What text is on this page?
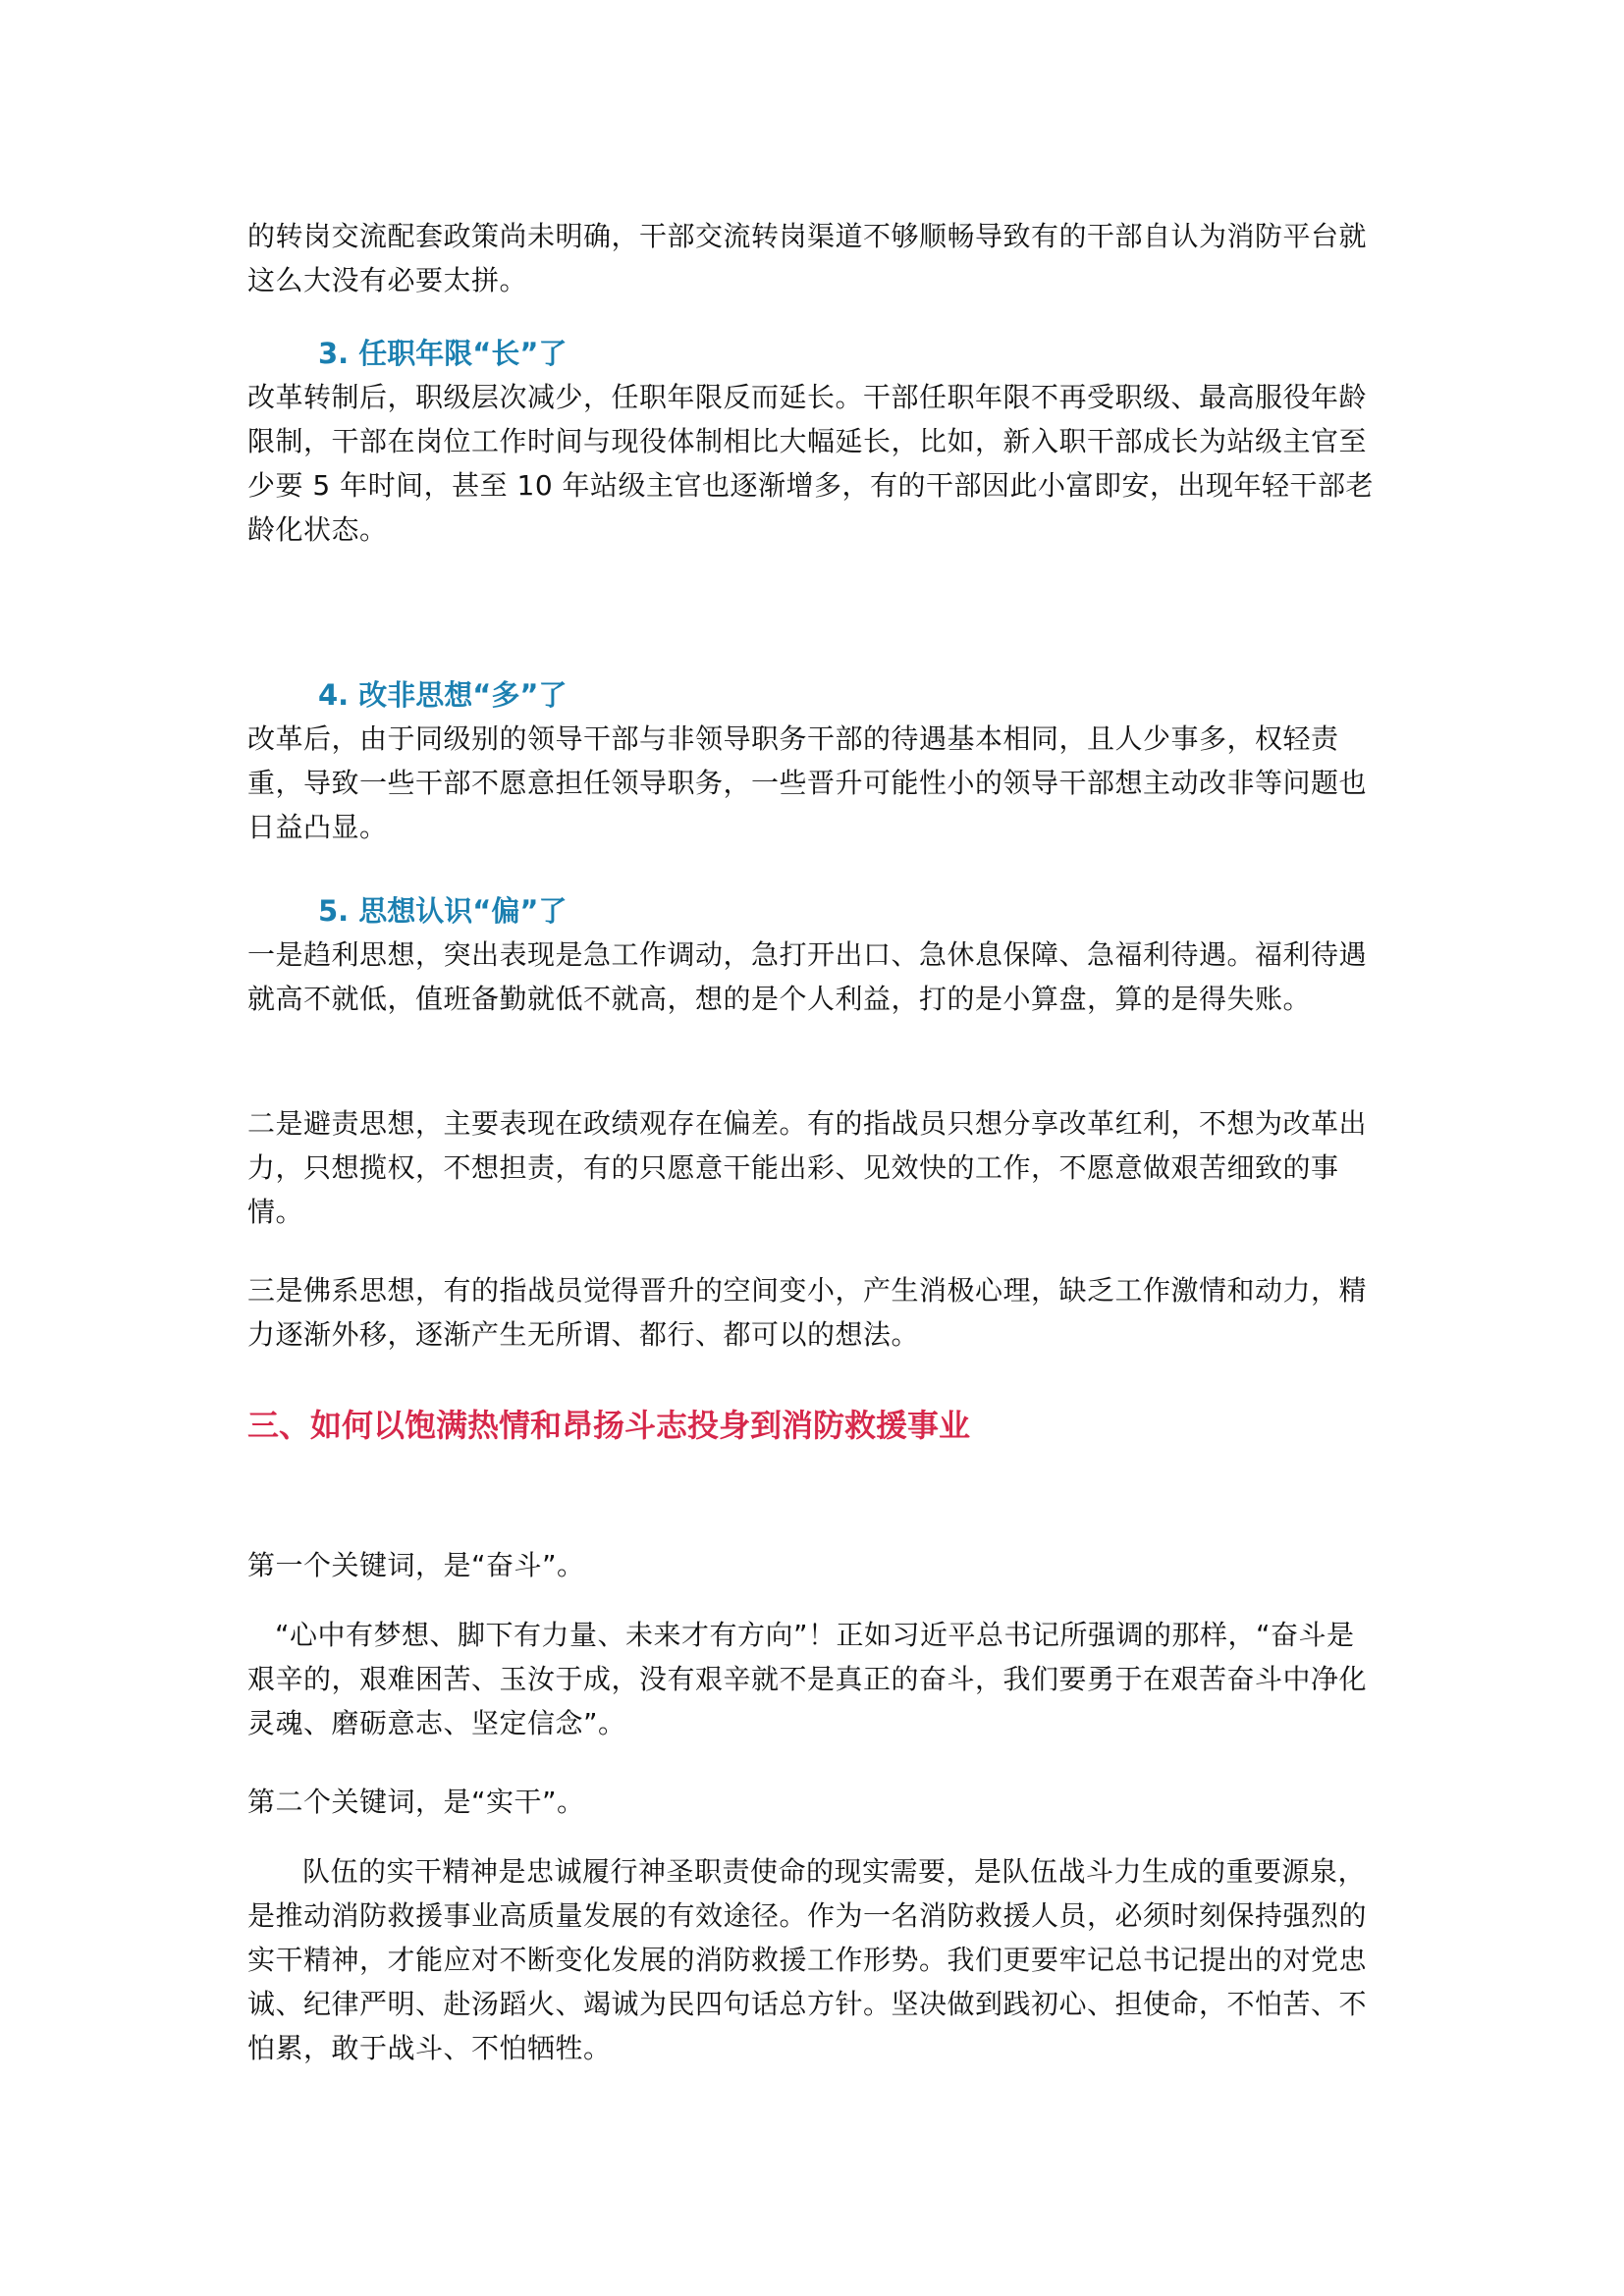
的转岗交流配套政策尚未明确，干部交流转岗渠道不够顺畅导致有的干部自认为消防平台就这么大没有必要太拼。

3. 任职年限“长”了

改革转制后，职级层次减少，任职年限反而延长。干部任职年限不再受职级、最高服役年龄限制，干部在岗位工作时间与现役体制相比大幅延长，比如，新入职干部成长为站级主官至少要 5 年时间，甚至 10 年站级主官也逐渐增多，有的干部因此小富即安，出现年轻干部老龄化状态。

4. 改非思想“多”了

改革后，由于同级别的领导干部与非领导职务干部的待遇基本相同，且人少事多，权轻责重，导致一些干部不愿意担任领导职务，一些晋升可能性小的领导干部想主动改非等问题也日益凸显。

5. 思想认识“偏”了

一是趋利思想，突出表现是急工作调动，急打开出口、急休息保障、急福利待遇。福利待遇就高不就低，值班备勤就低不就高，想的是个人利益，打的是小算盘，算的是得失账。

二是避责思想，主要表现在政绩观存在偏差。有的指战员只想分享改革红利，不想为改革出力，只想揽权，不想担责，有的只愿意干能出彩、见效快的工作，不愿意做艰苦细致的事情。

三是佛系思想，有的指战员觉得晋升的空间变小，产生消极心理，缺乏工作激情和动力，精力逐渐外移，逐渐产生无所谓、都行、都可以的想法。

三、如何以饱满热情和昂扬斗志投身到消防救援事业

第一个关键词，是“奋斗”。

“心中有梦想、脚下有力量、未来才有方向”！正如习近平总书记所强调的那样，“奋斗是艰辛的，艰难困苦、玉汝于成，没有艰辛就不是真正的奋斗，我们要勇于在艰苦奋斗中净化灵魂、磨砺意志、坚定信念”。

第二个关键词，是“实干”。

队伍的实干精神是忠诚履行神圣职责使命的现实需要，是队伍战斗力生成的重要源泉，是推动消防救援事业高质量发展的有效途径。作为一名消防救援人员，必须时刻保持强烈的实干精神，才能应对不断变化发展的消防救援工作形势。我们更要牢记总书记提出的对党忠诚、纪律严明、赴汤蹈火、竭诚为民四句话总方针。坚决做到践初心、担使命，不怕苦、不怕累，敢于战斗、不怕牺牲。
